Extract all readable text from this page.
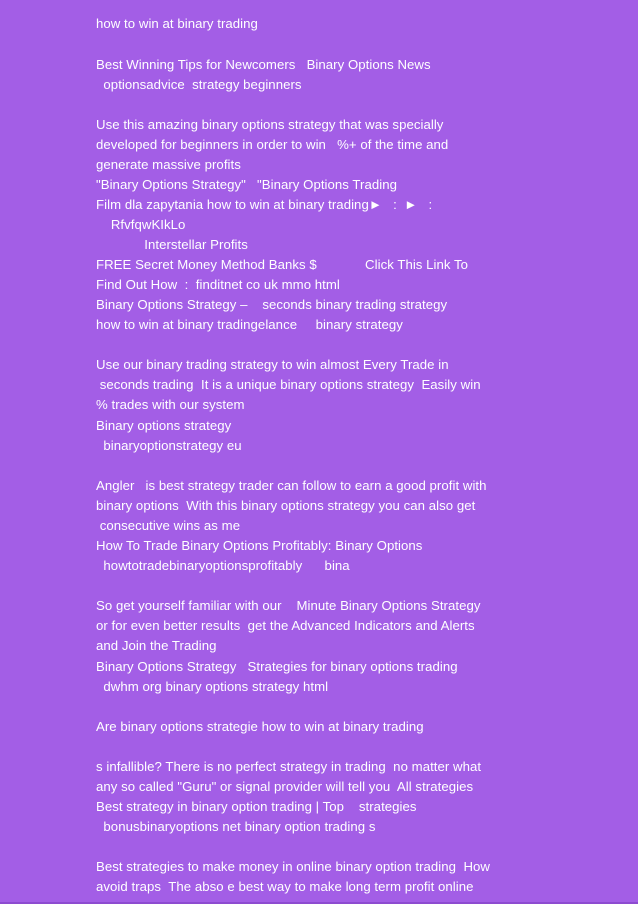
how to win at binary trading
Best Winning Tips for Newcomers   Binary Options News
optionsadvice  strategy beginners
Use this amazing binary options strategy that was specially
developed for beginners in order to win   %+ of the time and
generate massive profits
"Binary Options Strategy"   "Binary Options Trading
Film dla zapytania how to win at binary trading►   :  ►   :
RfvfqwKIkLo
Interstellar Profits
FREE Secret Money Method Banks $             Click This Link To
Find Out How  :  finditnet co uk mmo html
Binary Options Strategy –    seconds binary trading strategy
how to win at binary tradingelance     binary strategy
Use our binary trading strategy to win almost Every Trade in
seconds trading  It is a unique binary options strategy  Easily win
% trades with our system
Binary options strategy
binaryoptionstrategy eu
Angler   is best strategy trader can follow to earn a good profit with
binary options  With this binary options strategy you can also get
consecutive wins as me
How To Trade Binary Options Profitably: Binary Options
howtotradebinaryoptionsprofitably      bina
So get yourself familiar with our    Minute Binary Options Strategy
or for even better results  get the Advanced Indicators and Alerts
and Join the Trading
Binary Options Strategy   Strategies for binary options trading
dwhm org binary options strategy html
Are binary options strategie how to win at binary trading
s infallible? There is no perfect strategy in trading  no matter what
any so called "Guru" or signal provider will tell you  All strategies
Best strategy in binary option trading | Top    strategies
bonusbinaryoptions net binary option trading s
Best strategies to make money in online binary option trading  How
avoid traps  The abso e best way to make long term profit online
